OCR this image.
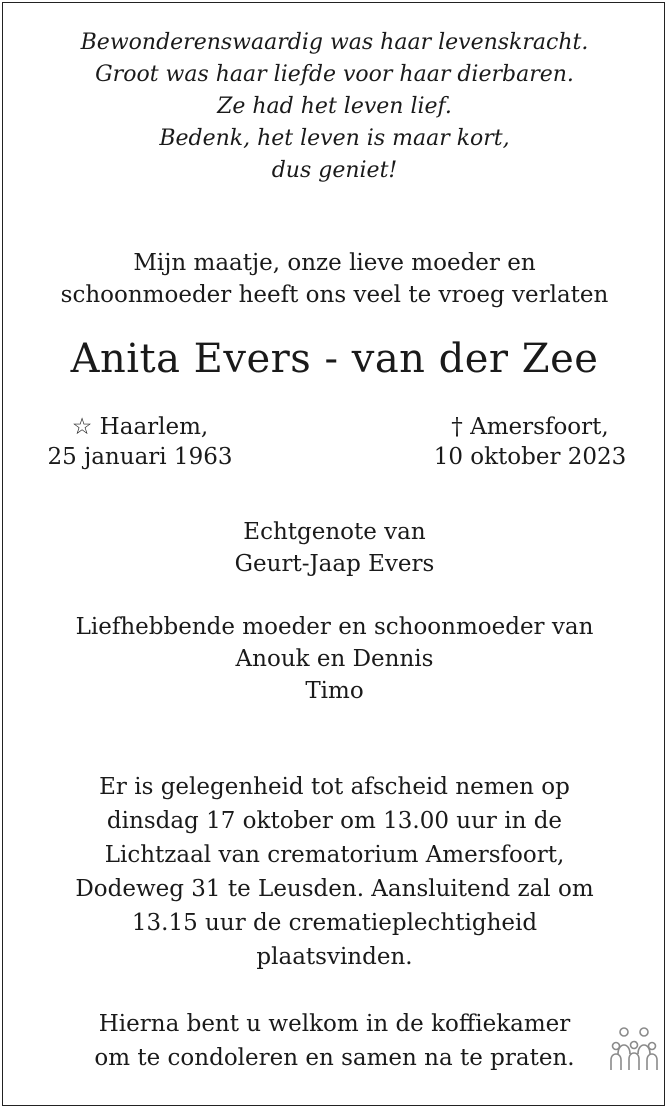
Bewonderenswaardig was haar levenskracht.
Groot was haar liefde voor haar dierbaren.
Ze had het leven lief.
Bedenk, het leven is maar kort,
dus geniet!
Mijn maatje, onze lieve moeder en
schoonmoeder heeft ons veel te vroeg verlaten
Anita Evers - van der Zee
☆ Haarlem,
25 januari 1963
† Amersfoort,
10 oktober 2023
Echtgenote van
Geurt-Jaap Evers
Liefhebbende moeder en schoonmoeder van
Anouk en Dennis
Timo
Er is gelegenheid tot afscheid nemen op
dinsdag 17 oktober om 13.00 uur in de
Lichtzaal van crematorium Amersfoort,
Dodeweg 31 te Leusden. Aansluitend zal om
13.15 uur de crematieplechtigheid
plaatsvinden.
Hierna bent u welkom in de koffiekamer
om te condoleren en samen na te praten.
